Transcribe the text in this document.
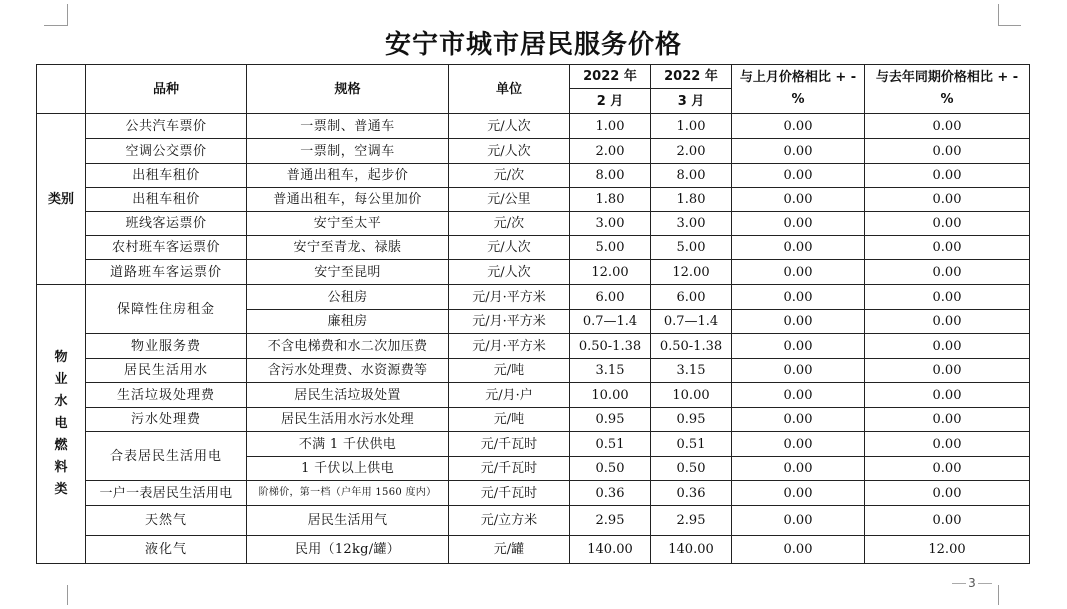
安宁市城市居民服务价格
	品种	规格	单位	2022 年	2022 年	与上月价格相比 + -%	与去年同期价格相比 + - %
				2 月	3 月		
类别	公共汽车票价	一票制、普通车	元/人次	1.00	1.00	0.00	0.00
	空调公交票价	一票制，空调车	元/人次	2.00	2.00	0.00	0.00
	出租车租价	普通出租车，起步价	元/次	8.00	8.00	0.00	0.00
	出租车租价	普通出租车，每公里加价	元/公里	1.80	1.80	0.00	0.00
	班线客运票价	安宁至太平	元/次	3.00	3.00	0.00	0.00
	农村班车客运票价	安宁至青龙、禄脿	元/人次	5.00	5.00	0.00	0.00
	道路班车客运票价	安宁至昆明	元/人次	12.00	12.00	0.00	0.00
物业水电燃料类	保障性住房租金	公租房	元/月·平方米	6.00	6.00	0.00	0.00
		廉租房	元/月·平方米	0.7—1.4	0.7—1.4	0.00	0.00
	物业服务费	不含电梯费和水二次加压费	元/月·平方米	0.50-1.38	0.50-1.38	0.00	0.00
	居民生活用水	含污水处理费、水资源费等	元/吨	3.15	3.15	0.00	0.00
	生活垃圾处理费	居民生活垃圾处置	元/月·户	10.00	10.00	0.00	0.00
	污水处理费	居民生活用水污水处理	元/吨	0.95	0.95	0.00	0.00
	合表居民生活用电	不满 1 千伏供电	元/千瓦时	0.51	0.51	0.00	0.00
		1 千伏以上供电	元/千瓦时	0.50	0.50	0.00	0.00
	一户一表居民生活用电	阶梯价，第一档（户年用 1560 度内）	元/千瓦时	0.36	0.36	0.00	0.00
	天然气	居民生活用气	元/立方米	2.95	2.95	0.00	0.00
	液化气	民用（12kg/罐）	元/罐	140.00	140.00	0.00	12.00
3
